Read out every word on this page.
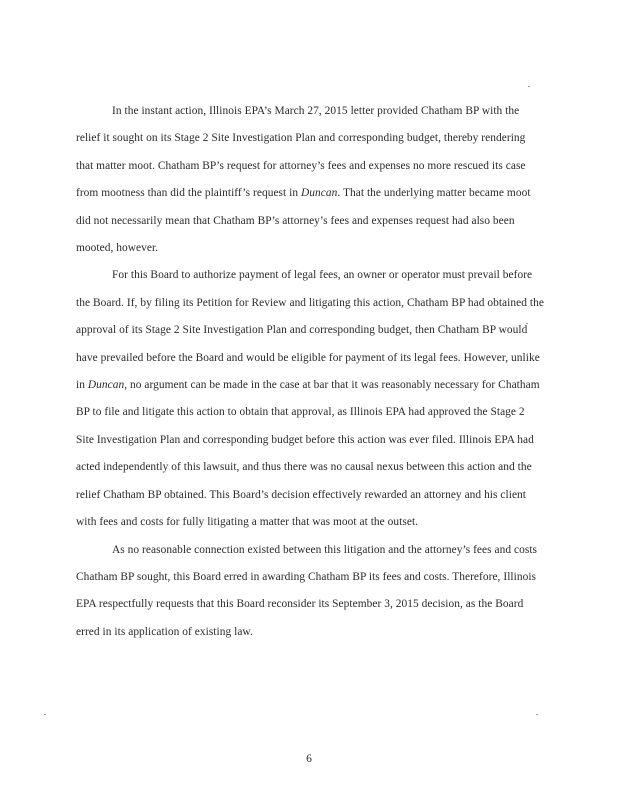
In the instant action, Illinois EPA’s March 27, 2015 letter provided Chatham BP with the relief it sought on its Stage 2 Site Investigation Plan and corresponding budget, thereby rendering that matter moot. Chatham BP’s request for attorney’s fees and expenses no more rescued its case from mootness than did the plaintiff’s request in Duncan. That the underlying matter became moot did not necessarily mean that Chatham BP’s attorney’s fees and expenses request had also been mooted, however.

For this Board to authorize payment of legal fees, an owner or operator must prevail before the Board. If, by filing its Petition for Review and litigating this action, Chatham BP had obtained the approval of its Stage 2 Site Investigation Plan and corresponding budget, then Chatham BP would have prevailed before the Board and would be eligible for payment of its legal fees. However, unlike in Duncan, no argument can be made in the case at bar that it was reasonably necessary for Chatham BP to file and litigate this action to obtain that approval, as Illinois EPA had approved the Stage 2 Site Investigation Plan and corresponding budget before this action was ever filed. Illinois EPA had acted independently of this lawsuit, and thus there was no causal nexus between this action and the relief Chatham BP obtained. This Board’s decision effectively rewarded an attorney and his client with fees and costs for fully litigating a matter that was moot at the outset.

As no reasonable connection existed between this litigation and the attorney’s fees and costs Chatham BP sought, this Board erred in awarding Chatham BP its fees and costs. Therefore, Illinois EPA respectfully requests that this Board reconsider its September 3, 2015 decision, as the Board erred in its application of existing law.

6
